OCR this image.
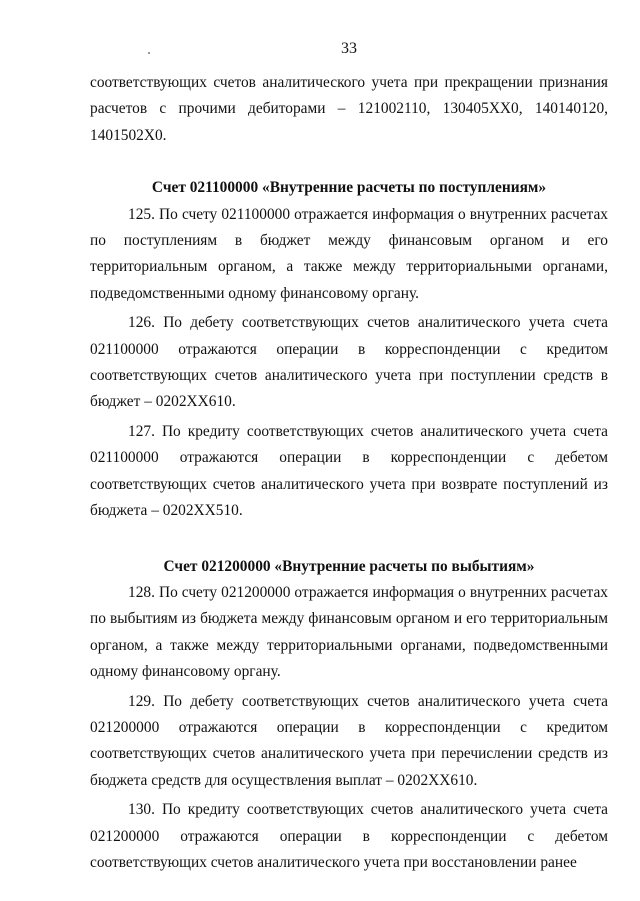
33

соответствующих счетов аналитического учета при прекращении признания расчетов с прочими дебиторами – 121002110, 130405ХХ0, 140140120, 1401502Х0.

Счет 021100000 «Внутренние расчеты по поступлениям»

125. По счету 021100000 отражается информация о внутренних расчетах по поступлениям в бюджет между финансовым органом и его территориальным органом, а также между территориальными органами, подведомственными одному финансовому органу.

126. По дебету соответствующих счетов аналитического учета счета 021100000 отражаются операции в корреспонденции с кредитом соответствующих счетов аналитического учета при поступлении средств в бюджет – 0202ХХ610.

127. По кредиту соответствующих счетов аналитического учета счета 021100000 отражаются операции в корреспонденции с дебетом соответствующих счетов аналитического учета при возврате поступлений из бюджета – 0202ХХ510.

Счет 021200000 «Внутренние расчеты по выбытиям»

128. По счету 021200000 отражается информация о внутренних расчетах по выбытиям из бюджета между финансовым органом и его территориальным органом, а также между территориальными органами, подведомственными одному финансовому органу.

129. По дебету соответствующих счетов аналитического учета счета 021200000 отражаются операции в корреспонденции с кредитом соответствующих счетов аналитического учета при перечислении средств из бюджета средств для осуществления выплат – 0202ХХ610.

130. По кредиту соответствующих счетов аналитического учета счета 021200000 отражаются операции в корреспонденции с дебетом соответствующих счетов аналитического учета при восстановлении ранее
